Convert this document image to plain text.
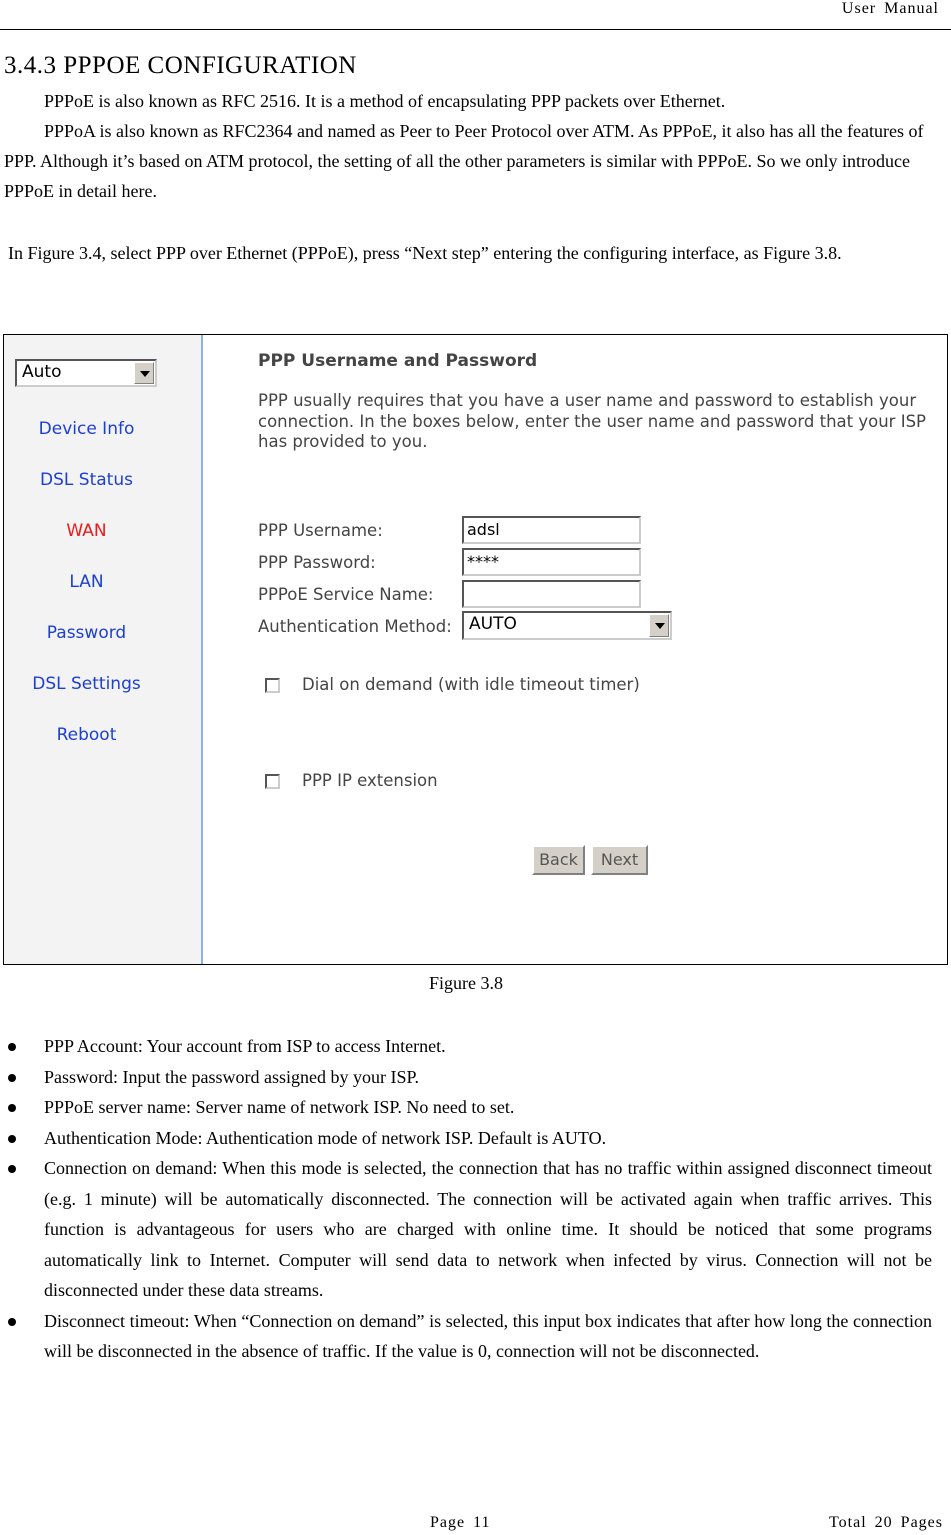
User Manual
3.4.3 PPPOE CONFIGURATION
PPPoE is also known as RFC 2516. It is a method of encapsulating PPP packets over Ethernet.
PPPoA is also known as RFC2364 and named as Peer to Peer Protocol over ATM. As PPPoE, it also has all the features of PPP. Although it’s based on ATM protocol, the setting of all the other parameters is similar with PPPoE. So we only introduce PPPoE in detail here.
In Figure 3.4, select PPP over Ethernet (PPPoE), press “Next step” entering the configuring interface, as Figure 3.8.
Auto
Device Info
DSL Status
WAN
LAN
Password
DSL Settings
Reboot
PPP Username and Password
PPP usually requires that you have a user name and password to establish your connection. In the boxes below, enter the user name and password that your ISP has provided to you.
PPP Username:	adsl
PPP Password:	****
PPPoE Service Name:
Authentication Method: AUTO
Dial on demand (with idle timeout timer)
PPP IP extension
Back	Next
Figure 3.8
PPP Account: Your account from ISP to access Internet.
Password: Input the password assigned by your ISP.
PPPoE server name: Server name of network ISP. No need to set.
Authentication Mode: Authentication mode of network ISP. Default is AUTO.
Connection on demand: When this mode is selected, the connection that has no traffic within assigned disconnect timeout (e.g. 1 minute) will be automatically disconnected. The connection will be activated again when traffic arrives. This function is advantageous for users who are charged with online time. It should be noticed that some programs automatically link to Internet. Computer will send data to network when infected by virus. Connection will not be disconnected under these data streams.
Disconnect timeout: When “Connection on demand” is selected, this input box indicates that after how long the connection will be disconnected in the absence of traffic. If the value is 0, connection will not be disconnected.
Page 11	Total 20 Pages
